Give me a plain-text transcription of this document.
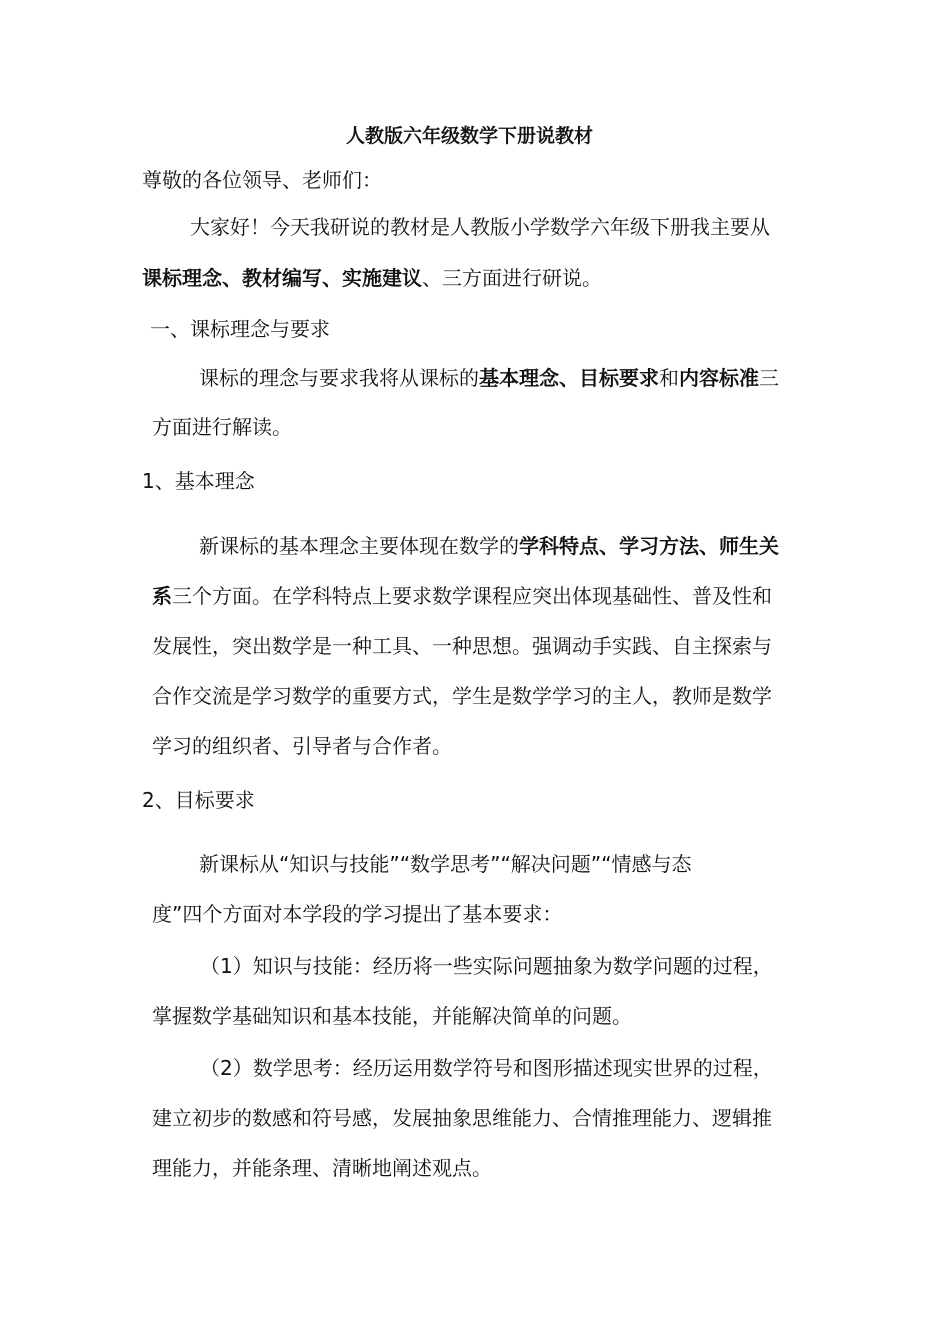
人教版六年级数学下册说教材
尊敬的各位领导、老师们：
大家好！今天我研说的教材是人教版小学数学六年级下册我主要从
课标理念、教材编写、实施建议、三方面进行研说。
一、课标理念与要求
课标的理念与要求我将从课标的基本理念、目标要求和内容标准三
方面进行解读。
1、基本理念
新课标的基本理念主要体现在数学的学科特点、学习方法、师生关
系三个方面。在学科特点上要求数学课程应突出体现基础性、普及性和
发展性，突出数学是一种工具、一种思想。强调动手实践、自主探索与
合作交流是学习数学的重要方式，学生是数学学习的主人，教师是数学
学习的组织者、引导者与合作者。
2、目标要求
新课标从“知识与技能”“数学思考”“解决问题”“情感与态
度”四个方面对本学段的学习提出了基本要求：
（1）知识与技能：经历将一些实际问题抽象为数学问题的过程，
掌握数学基础知识和基本技能，并能解决简单的问题。
（2）数学思考：经历运用数学符号和图形描述现实世界的过程，
建立初步的数感和符号感，发展抽象思维能力、合情推理能力、逻辑推
理能力，并能条理、清晰地阐述观点。
